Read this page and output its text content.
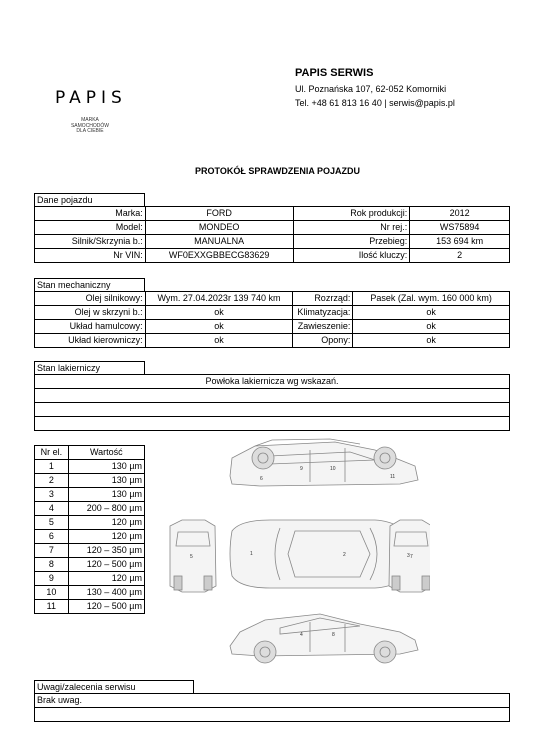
PAPIS
MARKA
SAMOCHODÓW
DLA CIEBIE
PAPIS SERWIS
Ul. Poznańska 107, 62-052 Komorniki
Tel. +48 61 813 16 40 | serwis@papis.pl
PROTOKÓŁ SPRAWDZENIA POJAZDU
Dane pojazdu
Marka:	FORD	Rok produkcji:	2012
Model:	MONDEO	Nr rej.:	WS75894
Silnik/Skrzynia b.:	MANUALNA	Przebieg:	153 694 km
Nr VIN:	WF0EXXGBBECG83629	Ilość kluczy:	2
Stan mechaniczny
Olej silnikowy:	Wym. 27.04.2023r 139 740 km	Rozrząd:	Pasek (Zal. wym. 160 000 km)
Olej w skrzyni b.:	ok	Klimatyzacja:	ok
Układ hamulcowy:	ok	Zawieszenie:	ok
Układ kierowniczy:	ok	Opony:	ok
Stan lakierniczy
Powłoka lakiernicza wg wskazań.

Nr el.	Wartość
1	130 µm
2	130 µm
3	130 µm
4	200 – 800 µm
5	120 µm
6	120 µm
7	120 – 350 µm
8	120 – 500 µm
9	120 µm
10	130 – 400 µm
11	120 – 500 µm
1	2	3
4
5
6
7
8
9	10
11
Uwagi/zalecenia serwisu
Brak uwag.
